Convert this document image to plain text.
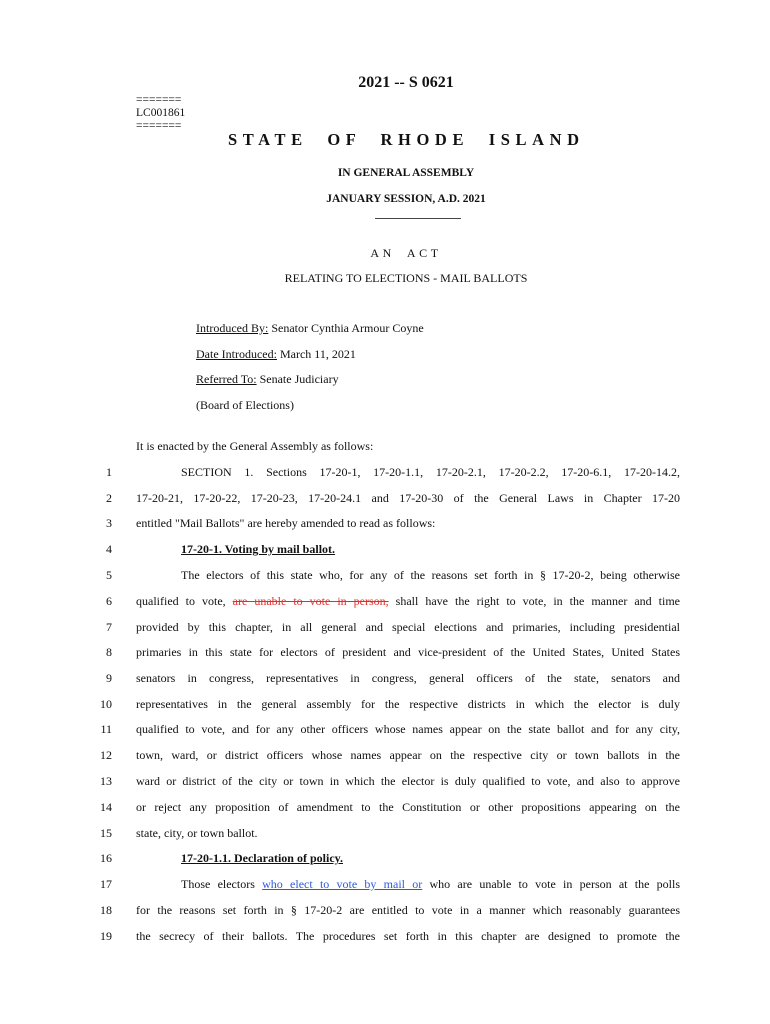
2021 -- S 0621
=======
LC001861
=======
STATE OF RHODE ISLAND
IN GENERAL ASSEMBLY
JANUARY SESSION, A.D. 2021
AN ACT
RELATING TO ELECTIONS - MAIL BALLOTS
Introduced By: Senator Cynthia Armour Coyne
Date Introduced: March 11, 2021
Referred To: Senate Judiciary
(Board of Elections)
It is enacted by the General Assembly as follows:
1	SECTION 1. Sections 17-20-1, 17-20-1.1, 17-20-2.1, 17-20-2.2, 17-20-6.1, 17-20-14.2,
2 17-20-21, 17-20-22, 17-20-23, 17-20-24.1 and 17-20-30 of the General Laws in Chapter 17-20
3 entitled "Mail Ballots" are hereby amended to read as follows:
4	17-20-1. Voting by mail ballot.
5	The electors of this state who, for any of the reasons set forth in § 17-20-2, being otherwise
6 qualified to vote, are unable to vote in person, shall have the right to vote, in the manner and time
7 provided by this chapter, in all general and special elections and primaries, including presidential
8 primaries in this state for electors of president and vice-president of the United States, United States
9 senators in congress, representatives in congress, general officers of the state, senators and
10 representatives in the general assembly for the respective districts in which the elector is duly
11 qualified to vote, and for any other officers whose names appear on the state ballot and for any city,
12 town, ward, or district officers whose names appear on the respective city or town ballots in the
13 ward or district of the city or town in which the elector is duly qualified to vote, and also to approve
14 or reject any proposition of amendment to the Constitution or other propositions appearing on the
15 state, city, or town ballot.
16	17-20-1.1. Declaration of policy.
17	Those electors who elect to vote by mail or who are unable to vote in person at the polls
18 for the reasons set forth in § 17-20-2 are entitled to vote in a manner which reasonably guarantees
19 the secrecy of their ballots. The procedures set forth in this chapter are designed to promote the
